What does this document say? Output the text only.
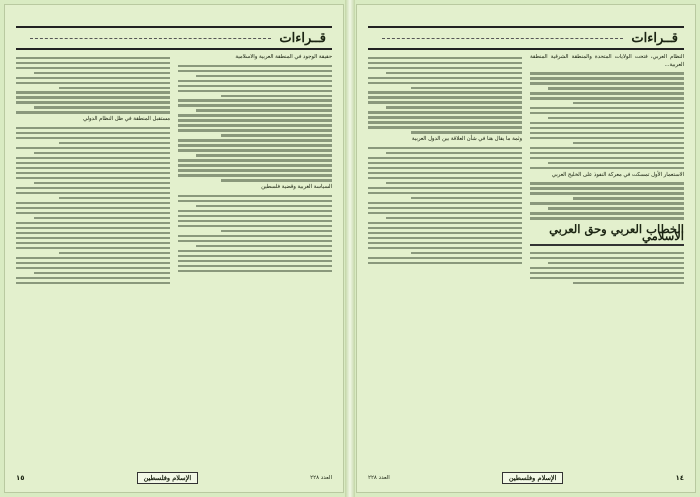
قــراءات

حقيقة الوجود في المنطقة العربية والاسلامية

السياسة الغربية وقضية فلسطين

مستقبل المنطقة في ظل النظام الدولي

١٥	الإسلام وفلسطين	العدد ٢٢٨
قــراءات

النظام العربي، فتحت الولايات المتحدة والمنطقة الشرقية المنطقة العربية...

الاستعمار الأول تمسكت في معركة النفوذ على الخليج العربي

الخطاب العربي وحق العربي الاسلامي

وثمة ما يقال هنا في شأن العلاقة بين الدول العربية

العدد ٢٢٨	الإسلام وفلسطين	١٤
